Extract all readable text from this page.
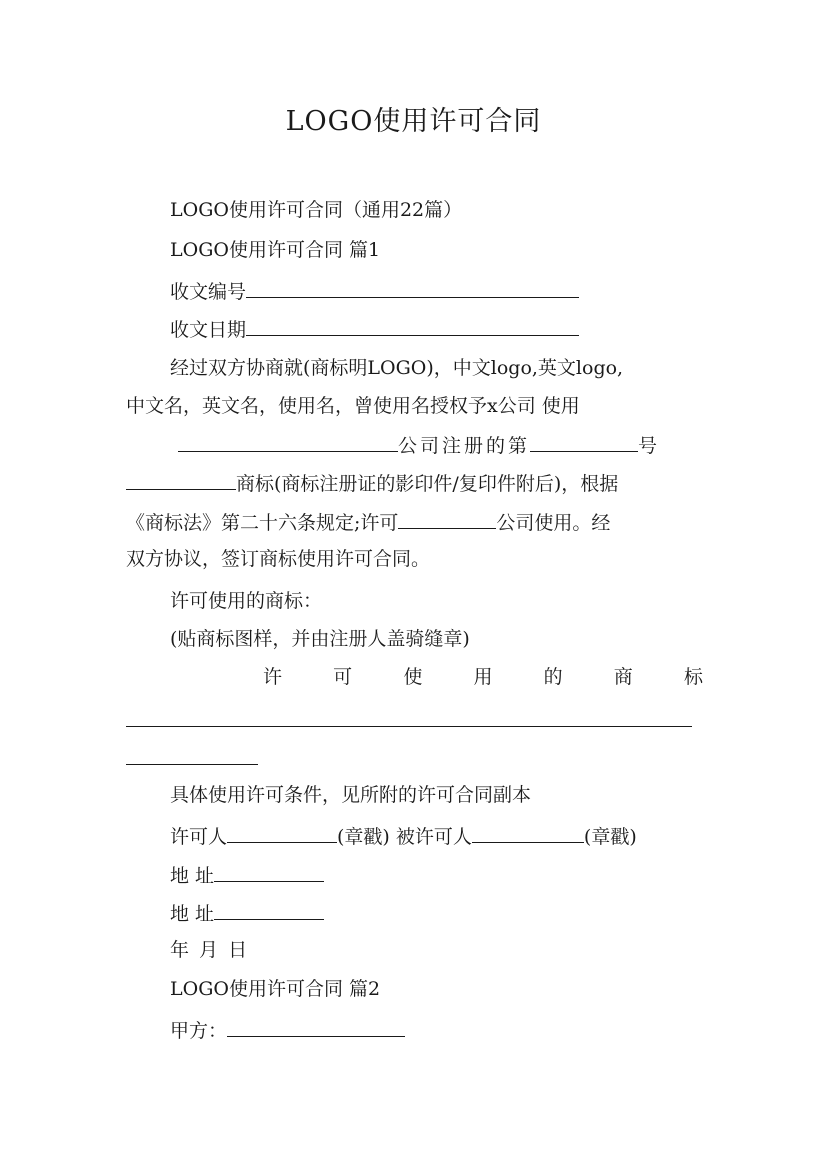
LOGO使用许可合同
LOGO使用许可合同（通用22篇）
LOGO使用许可合同 篇1
收文编号
收文日期
经过双方协商就(商标明LOGO)，中文logo,英文logo,
中文名，英文名，使用名，曾使用名授权予x公司 使用
公司注册的第	号
商标(商标注册证的影印件/复印件附后)，根据
《商标法》第二十六条规定;许可	公司使用。经
双方协议，签订商标使用许可合同。
许可使用的商标：
(贴商标图样，并由注册人盖骑缝章)
许	可	使	用	的	商	标
具体使用许可条件，见所附的许可合同副本
许可人	(章戳) 被许可人	(章戳)
地 址
地 址
年 月 日
LOGO使用许可合同 篇2
甲方：
